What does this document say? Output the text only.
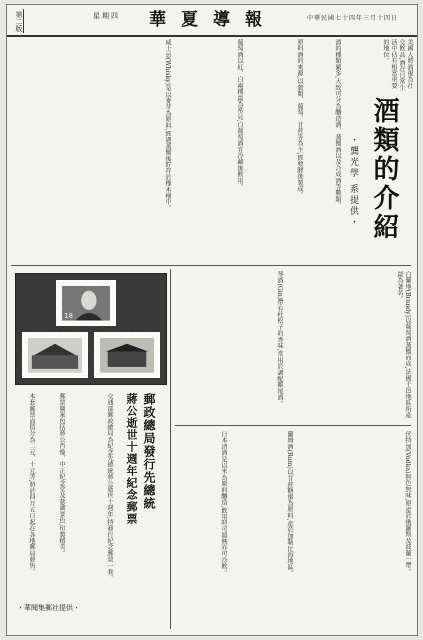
第二版	星期四	華夏導報	中華民國七十四年三月十四日
酒類的介紹
・龔光學 系提供・
美國人將酒視為社交飲品,酒在日常生活中佔有相當重要的地位。
酒的種類繁多,大致可分為釀造酒、蒸餾酒以及合成酒等數類。
原料酒的來源,以穀類、葡萄、甘蔗等為主,經發酵後製成。
葡萄酒以紅、白兩種最為常見,白葡萄酒宜冷藏後飲用。
威士忌(Whisky)是以麥芽為原料,經過蒸餾後貯存於橡木桶中。
白蘭地(Brandy)以葡萄酒蒸餾而成,法國干邑地區所產最為著名。
琴酒(Gin)帶有杜松子的香味,常用於調配雞尾酒。
伏特加(Vodka)無色無味,原產於俄羅斯及波蘭一帶。
蘭姆酒(Rum)以甘蔗糖蜜為原料,產於加勒比海地區。
日本清酒是以米為原料釀造,飲用時可溫熱亦可冷飲。
18
郵政總局發行先總統
蔣公逝世十週年紀念郵票
交通部郵政總局為紀念先總統蔣公逝世十週年,特發行紀念郵票一套。
郵票圖案包括蔣公肖像、中正紀念堂及慈湖景色,印製精美。
本套郵票面值分為二元、十元等,將於四月五日起在各地郵局發售。
・華聞集郵社提供・
